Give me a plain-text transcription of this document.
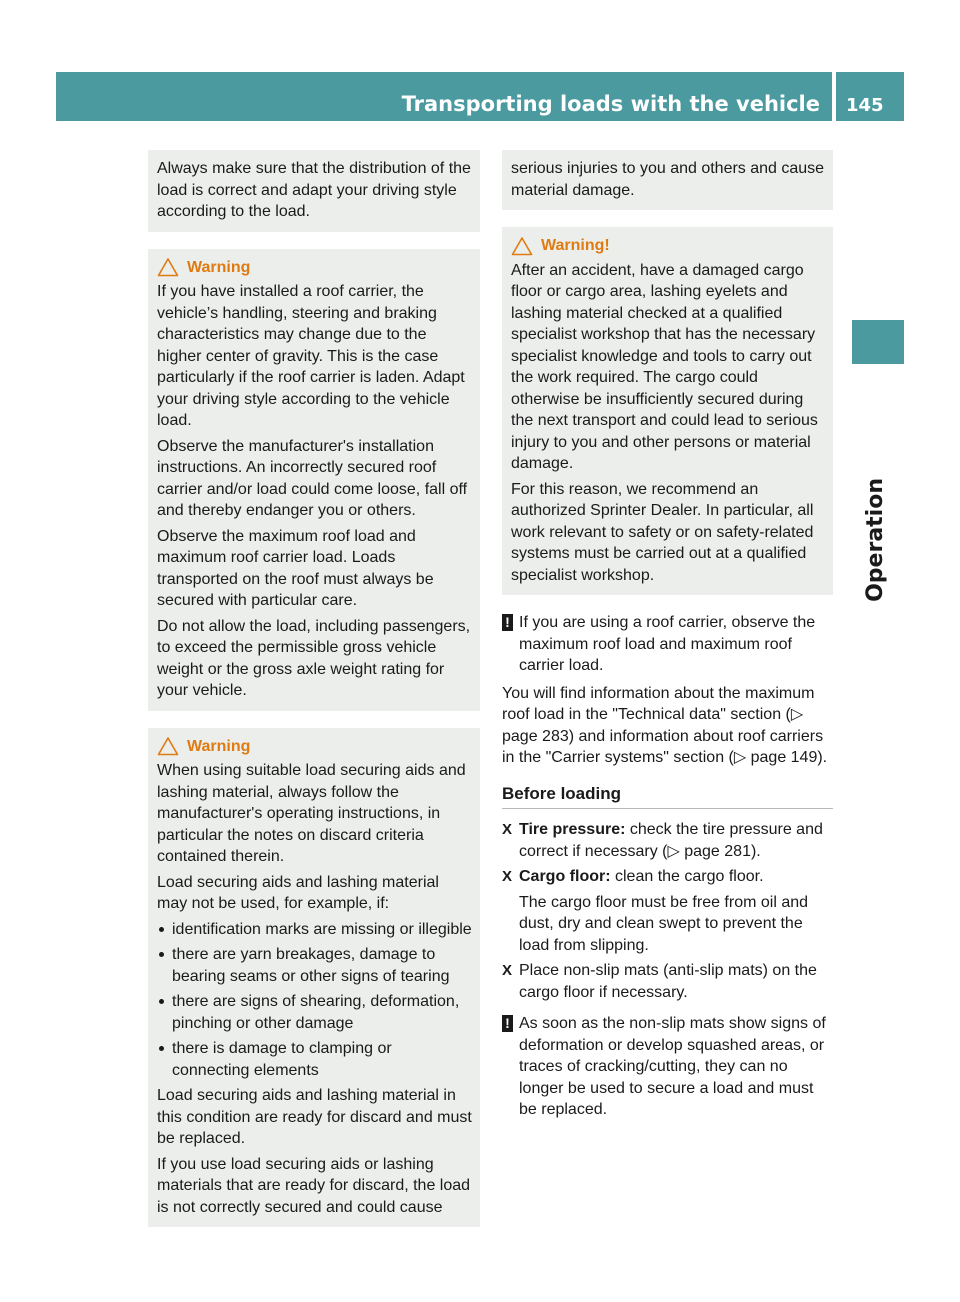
Transporting loads with the vehicle 145
Operation

Always make sure that the distribution of the load is correct and adapt your driving style according to the load.

Warning

If you have installed a roof carrier, the vehicle’s handling, steering and braking characteristics may change due to the higher center of gravity. This is the case particularly if the roof carrier is laden. Adapt your driving style according to the vehicle load.

Observe the manufacturer's installation instructions. An incorrectly secured roof carrier and/or load could come loose, fall off and thereby endanger you or others.

Observe the maximum roof load and maximum roof carrier load. Loads transported on the roof must always be secured with particular care.

Do not allow the load, including passengers, to exceed the permissible gross vehicle weight or the gross axle weight rating for your vehicle.

Warning

When using suitable load securing aids and lashing material, always follow the manufacturer's operating instructions, in particular the notes on discard criteria contained therein.

Load securing aids and lashing material may not be used, for example, if:

identification marks are missing or illegible
there are yarn breakages, damage to bearing seams or other signs of tearing
there are signs of shearing, deformation, pinching or other damage
there is damage to clamping or connecting elements

Load securing aids and lashing material in this condition are ready for discard and must be replaced.

If you use load securing aids or lashing materials that are ready for discard, the load is not correctly secured and could cause

serious injuries to you and others and cause material damage.

Warning!

After an accident, have a damaged cargo floor or cargo area, lashing eyelets and lashing material checked at a qualified specialist workshop that has the necessary specialist knowledge and tools to carry out the work required. The cargo could otherwise be insufficiently secured during the next transport and could lead to serious injury to you and other persons or material damage.

For this reason, we recommend an authorized Sprinter Dealer. In particular, all work relevant to safety or on safety-related systems must be carried out at a qualified specialist workshop.

! If you are using a roof carrier, observe the maximum roof load and maximum roof carrier load.

You will find information about the maximum roof load in the "Technical data" section (▷ page 283) and information about roof carriers in the "Carrier systems" section (▷ page 149).

Before loading
X Tire pressure: check the tire pressure and correct if necessary (▷ page 281).
X Cargo floor: clean the cargo floor.

The cargo floor must be free from oil and dust, dry and clean swept to prevent the load from slipping.

X Place non-slip mats (anti-slip mats) on the cargo floor if necessary.

! As soon as the non-slip mats show signs of deformation or develop squashed areas, or traces of cracking/cutting, they can no longer be used to secure a load and must be replaced.
